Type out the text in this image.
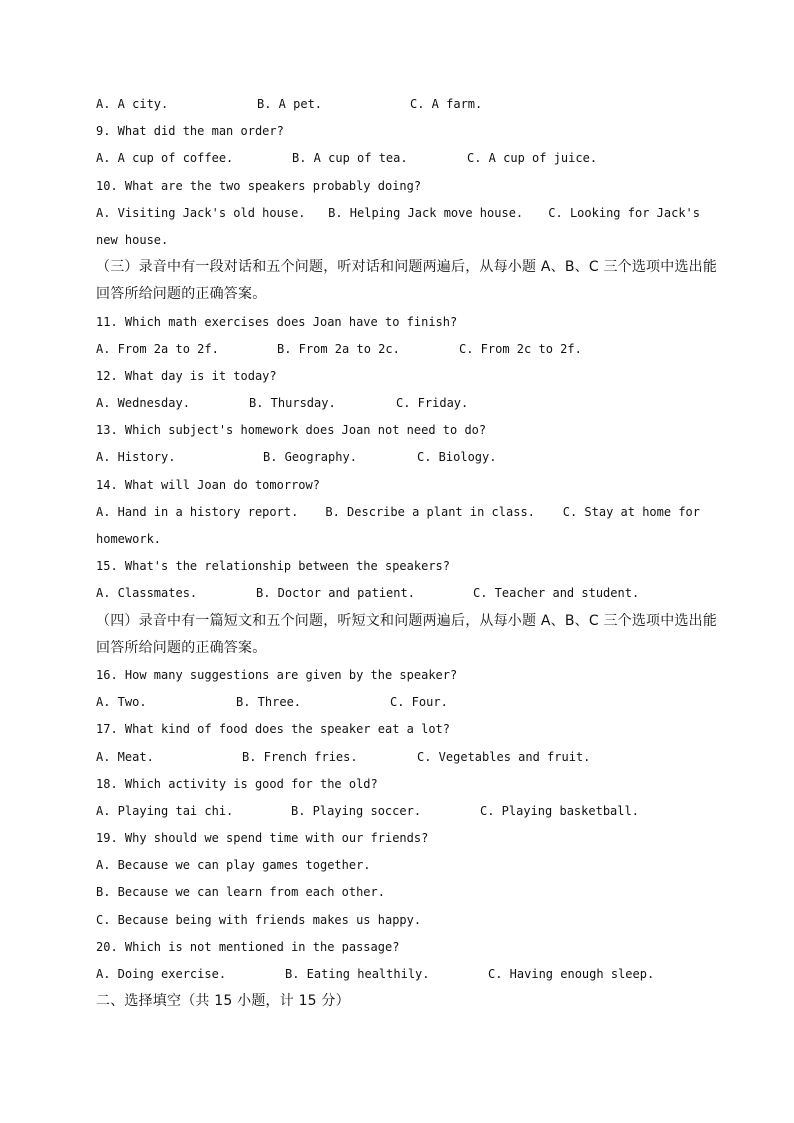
A. A city.	B. A pet.	C. A farm.
9. What did the man order?
A. A cup of coffee.	B. A cup of tea.	C. A cup of juice.
10. What are the two speakers probably doing?
A. Visiting Jack's old house.	B. Helping Jack move house.	C. Looking for Jack's
new house.
（三）录音中有一段对话和五个问题，听对话和问题两遍后，从每小题 A、B、C 三个选项中选出能
回答所给问题的正确答案。
11. Which math exercises does Joan have to finish?
A. From 2a to 2f.	B. From 2a to 2c.	C. From 2c to 2f.
12. What day is it today?
A. Wednesday.	B. Thursday.	C. Friday.
13. Which subject's homework does Joan not need to do?
A. History.	B. Geography.	C. Biology.
14. What will Joan do tomorrow?
A. Hand in a history report.	B. Describe a plant in class.	C. Stay at home for
homework.
15. What's the relationship between the speakers?
A. Classmates.	B. Doctor and patient.	C. Teacher and student.
（四）录音中有一篇短文和五个问题，听短文和问题两遍后，从每小题 A、B、C 三个选项中选出能
回答所给问题的正确答案。
16. How many suggestions are given by the speaker?
A. Two.	B. Three.	C. Four.
17. What kind of food does the speaker eat a lot?
A. Meat.	B. French fries.	C. Vegetables and fruit.
18. Which activity is good for the old?
A. Playing tai chi.	B. Playing soccer.	C. Playing basketball.
19. Why should we spend time with our friends?
A. Because we can play games together.
B. Because we can learn from each other.
C. Because being with friends makes us happy.
20. Which is not mentioned in the passage?
A. Doing exercise.	B. Eating healthily.	C. Having enough sleep.
二、选择填空（共 15 小题，计 15 分）
